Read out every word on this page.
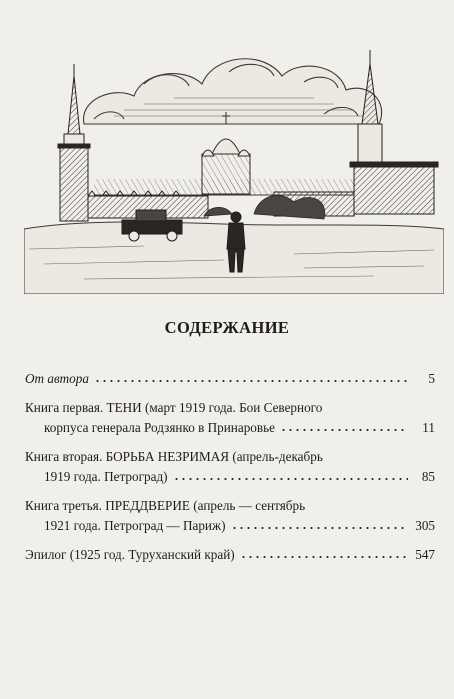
СОДЕРЖАНИЕ
От автора	5
Книга первая. ТЕНИ (март 1919 года. Бои Северного
корпуса генерала Родзянко в Принаровье	11
Книга вторая. БОРЬБА НЕЗРИМАЯ (апрель-декабрь
1919 года. Петроград)	85
Книга третья. ПРЕДДВЕРИЕ (апрель — сентябрь
1921 года. Петроград — Париж)	305
Эпилог (1925 год. Туруханский край)	547
